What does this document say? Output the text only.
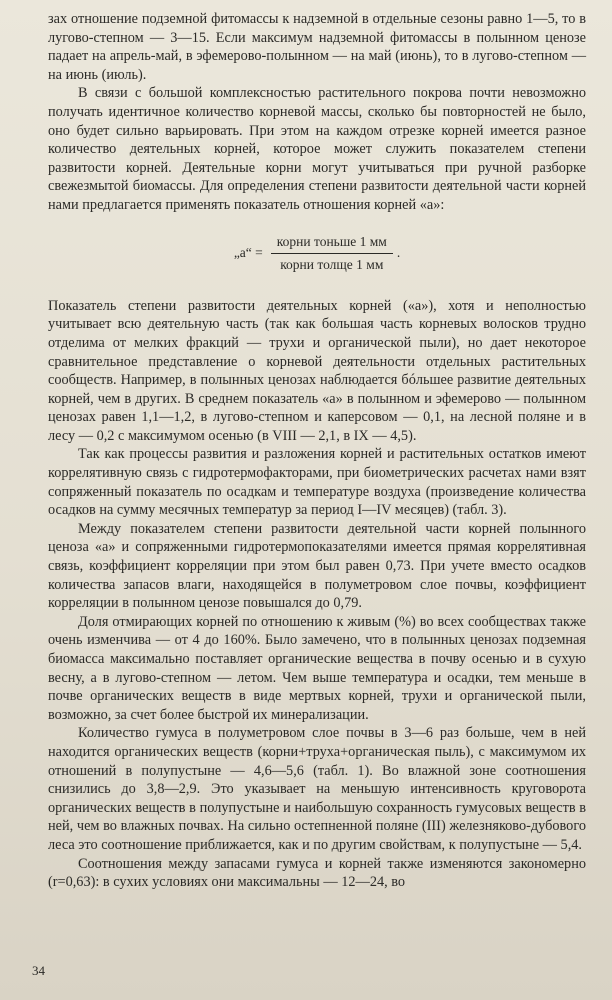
зах отношение подземной фитомассы к надземной в отдельные сезоны равно 1—5, то в лугово-степном — 3—15. Если максимум надземной фитомассы в полынном ценозе падает на апрель-май, в эфемерово-полынном — на май (июнь), то в лугово-степном — на июнь (июль).

В связи с большой комплексностью растительного покрова почти невозможно получать идентичное количество корневой массы, сколько бы повторностей не было, оно будет сильно варьировать. При этом на каждом отрезке корней имеется разное количество деятельных корней, которое может служить показателем степени развитости корней. Деятельные корни могут учитываться при ручной разборке свежезмытой биомассы. Для определения степени развитости деятельной части корней нами предлагается применять показатель отношения корней «а»:

„а“ = $\frac{\text{корни тоньше 1 мм}}{\text{корни толще 1 мм}}$ .

Показатель степени развитости деятельных корней («а»), хотя и неполностью учитывает всю деятельную часть (так как большая часть корневых волосков трудно отделима от мелких фракций — трухи и органической пыли), но дает некоторое сравнительное представление о корневой деятельности отдельных растительных сообществ. Например, в полынных ценозах наблюдается бóльшее развитие деятельных корней, чем в других. В среднем показатель «а» в полынном и эфемерово — полынном ценозах равен 1,1—1,2, в лугово-степном и каперсовом — 0,1, на лесной поляне и в лесу — 0,2 с максимумом осенью (в VIII — 2,1, в IX — 4,5).

Так как процессы развития и разложения корней и растительных остатков имеют коррелятивную связь с гидротермофакторами, при биометрических расчетах нами взят сопряженный показатель по осадкам и температуре воздуха (произведение количества осадков на сумму месячных температур за период I—IV месяцев) (табл. 3).

Между показателем степени развитости деятельной части корней полынного ценоза «а» и сопряженными гидротермопоказателями имеется прямая коррелятивная связь, коэффициент корреляции при этом был равен 0,73. При учете вместо осадков количества запасов влаги, находящейся в полуметровом слое почвы, коэффициент корреляции в полынном ценозе повышался до 0,79.

Доля отмирающих корней по отношению к живым (%) во всех сообществах также очень изменчива — от 4 до 160%. Было замечено, что в полынных ценозах подземная биомасса максимально поставляет органические вещества в почву осенью и в сухую весну, а в лугово-степном — летом. Чем выше температура и осадки, тем меньше в почве органических веществ в виде мертвых корней, трухи и органической пыли, возможно, за счет более быстрой их минерализации.

Количество гумуса в полуметровом слое почвы в 3—6 раз больше, чем в ней находится органических веществ (корни+труха+органическая пыль), с максимумом их отношений в полупустыне — 4,6—5,6 (табл. 1). Во влажной зоне соотношения снизились до 3,8—2,9. Это указывает на меньшую интенсивность круговорота органических веществ в полупустыне и наибольшую сохранность гумусовых веществ в ней, чем во влажных почвах. На сильно остепненной поляне (III) железняково-дубового леса это соотношение приближается, как и по другим свойствам, к полупустыне — 5,4.

Соотношения между запасами гумуса и корней также изменяются закономерно (r=0,63): в сухих условиях они максимальны — 12—24, во

34
